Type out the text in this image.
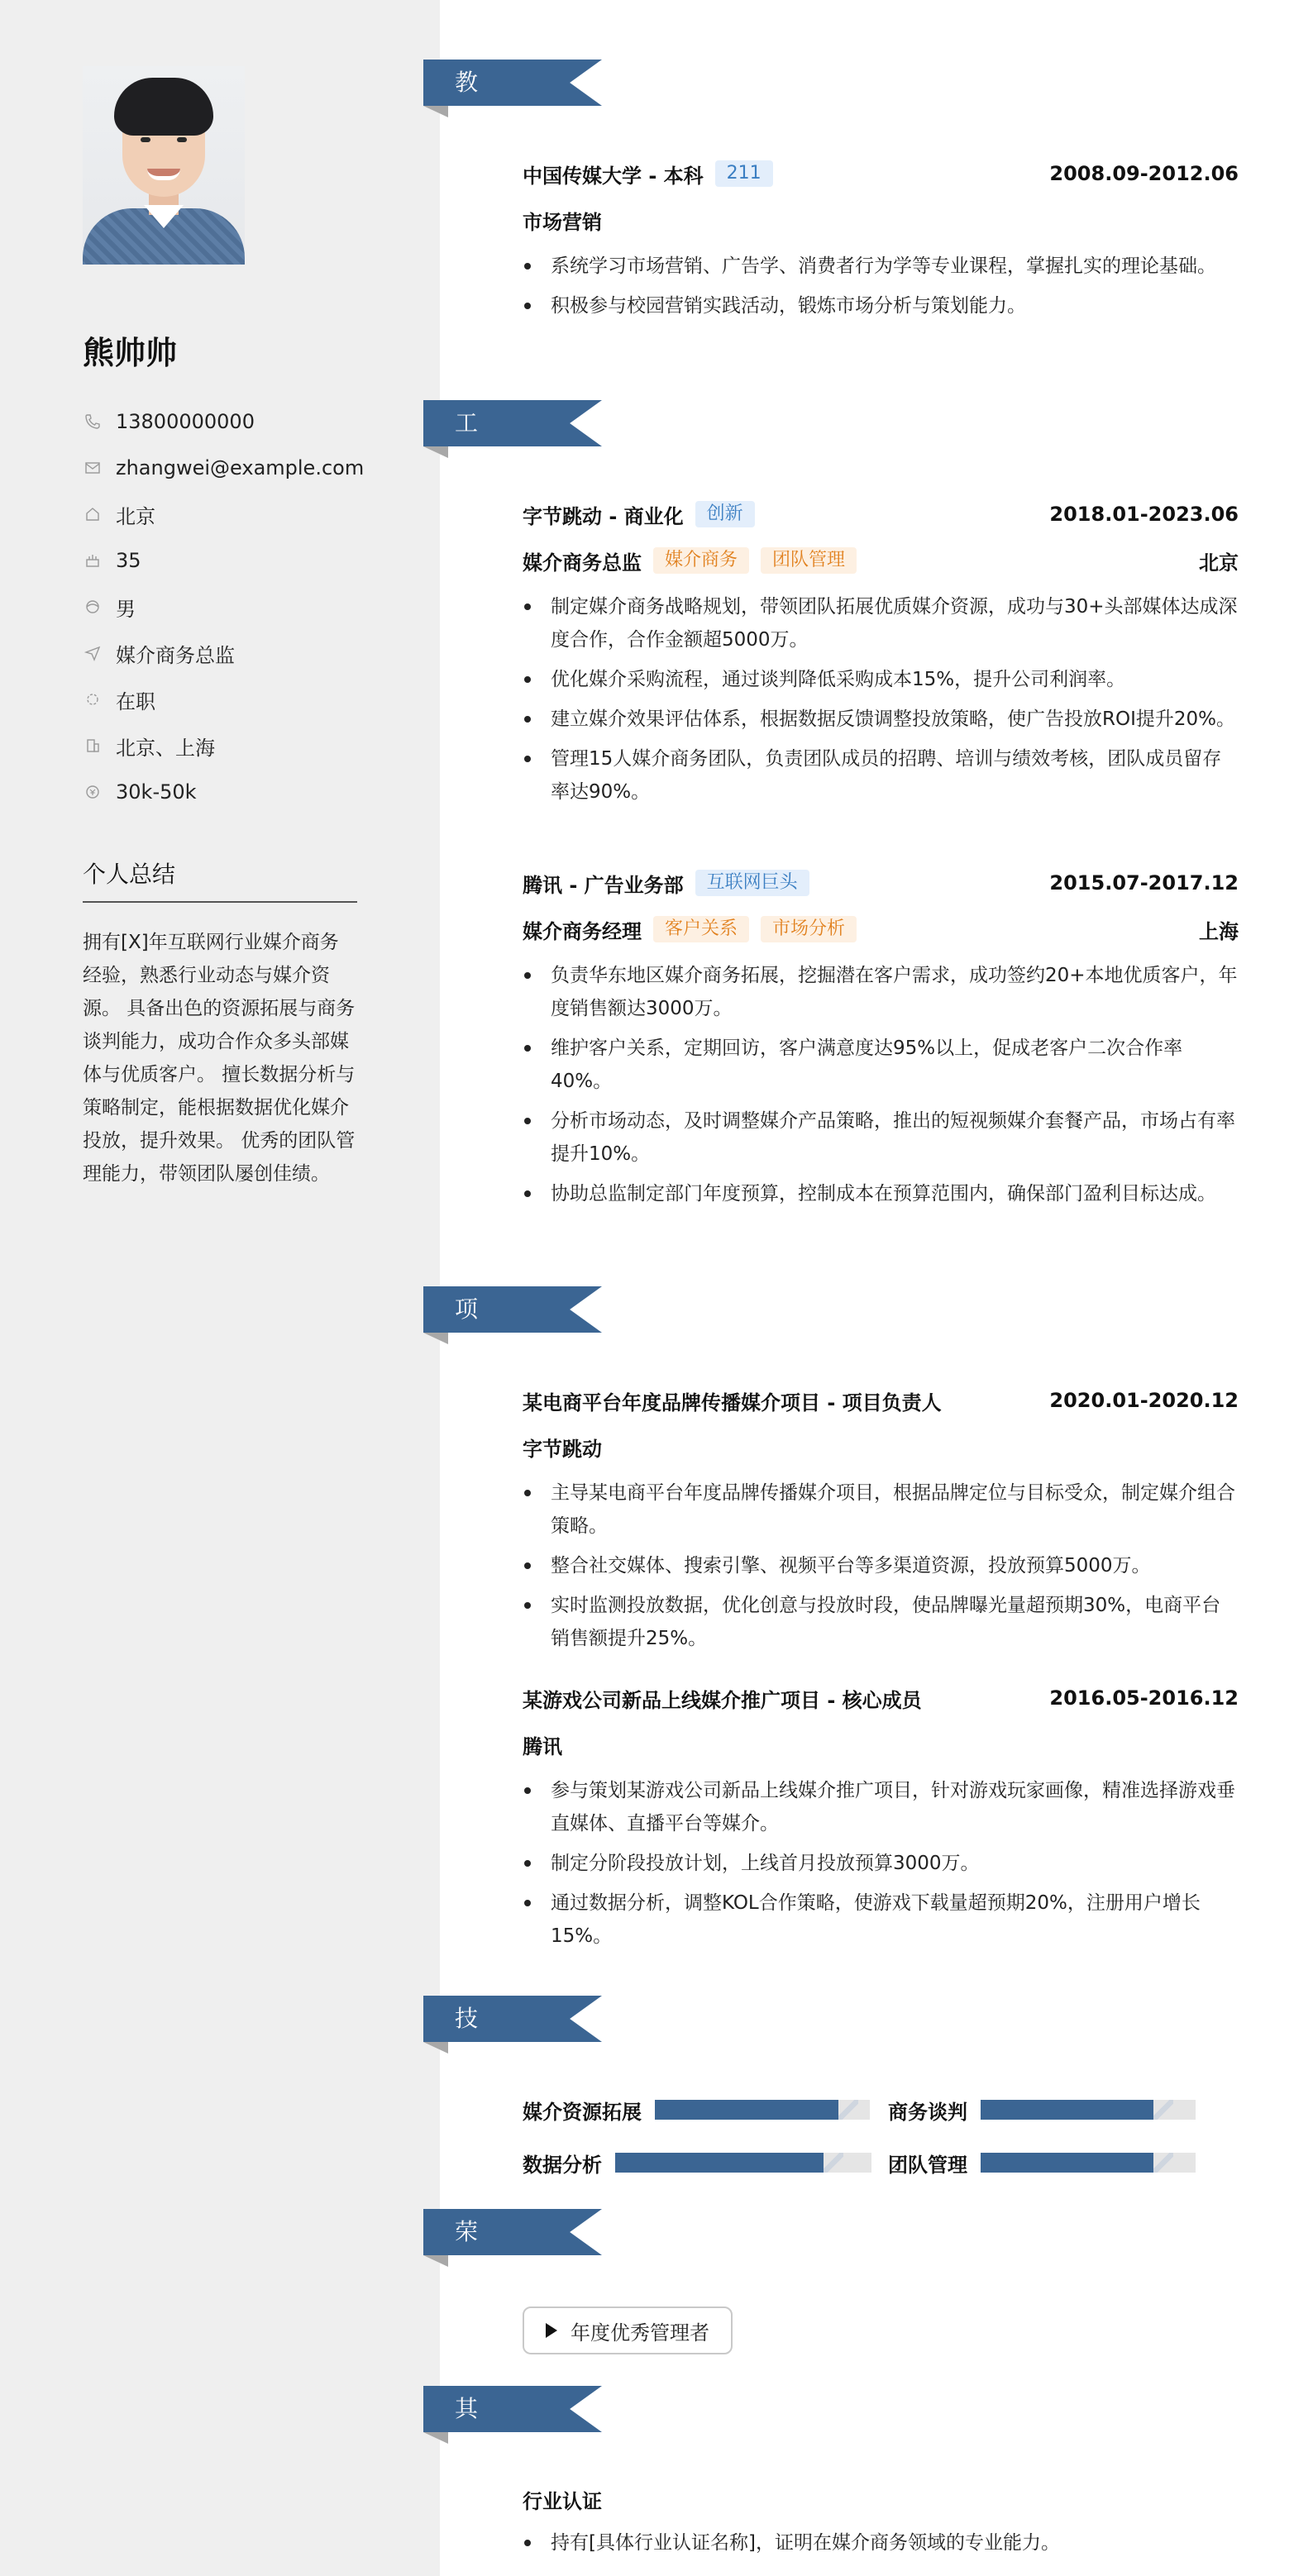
熊帅帅
13800000000
zhangwei@example.com
北京
35
男
媒介商务总监
在职
北京、上海
30k-50k
个人总结
拥有[X]年互联网行业媒介商务经验，熟悉行业动态与媒介资源。 具备出色的资源拓展与商务谈判能力，成功合作众多头部媒体与优质客户。 擅长数据分析与策略制定，能根据数据优化媒介投放，提升效果。 优秀的团队管理能力，带领团队屡创佳绩。
教育经历
中国传媒大学 - 本科	211	2008.09-2012.06
市场营销
系统学习市场营销、广告学、消费者行为学等专业课程，掌握扎实的理论基础。
积极参与校园营销实践活动，锻炼市场分析与策划能力。
工作经历
字节跳动 - 商业化	创新	2018.01-2023.06
媒介商务总监	媒介商务	团队管理	北京
制定媒介商务战略规划，带领团队拓展优质媒介资源，成功与30+头部媒体达成深度合作，合作金额超5000万。
优化媒介采购流程，通过谈判降低采购成本15%，提升公司利润率。
建立媒介效果评估体系，根据数据反馈调整投放策略，使广告投放ROI提升20%。
管理15人媒介商务团队，负责团队成员的招聘、培训与绩效考核，团队成员留存率达90%。
腾讯 - 广告业务部	互联网巨头	2015.07-2017.12
媒介商务经理	客户关系	市场分析	上海
负责华东地区媒介商务拓展，挖掘潜在客户需求，成功签约20+本地优质客户，年度销售额达3000万。
维护客户关系，定期回访，客户满意度达95%以上，促成老客户二次合作率40%。
分析市场动态，及时调整媒介产品策略，推出的短视频媒介套餐产品，市场占有率提升10%。
协助总监制定部门年度预算，控制成本在预算范围内，确保部门盈利目标达成。
项目经历
某电商平台年度品牌传播媒介项目 - 项目负责人	2020.01-2020.12
字节跳动
主导某电商平台年度品牌传播媒介项目，根据品牌定位与目标受众，制定媒介组合策略。
整合社交媒体、搜索引擎、视频平台等多渠道资源，投放预算5000万。
实时监测投放数据，优化创意与投放时段，使品牌曝光量超预期30%，电商平台销售额提升25%。
某游戏公司新品上线媒介推广项目 - 核心成员	2016.05-2016.12
腾讯
参与策划某游戏公司新品上线媒介推广项目，针对游戏玩家画像，精准选择游戏垂直媒体、直播平台等媒介。
制定分阶段投放计划，上线首月投放预算3000万。
通过数据分析，调整KOL合作策略，使游戏下载量超预期20%，注册用户增长15%。
技能专长
媒介资源拓展	商务谈判
数据分析	团队管理
荣誉奖项
年度优秀管理者
其他信息
行业认证
持有[具体行业认证名称]，证明在媒介商务领域的专业能力。
